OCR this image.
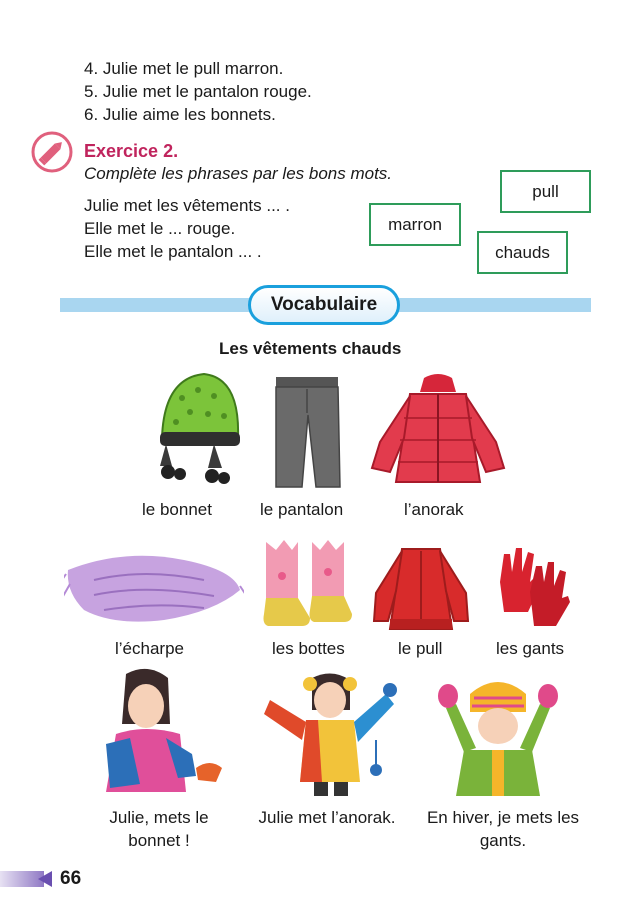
4. Julie met le pull marron.
5. Julie met le pantalon rouge.
6. Julie aime les bonnets.
Exercice 2.
Complète les phrases par les bons mots.
Julie met les vêtements ... .
Elle met le ... rouge.
Elle met le pantalon ... .
pull
marron
chauds
Vocabulaire
Les vêtements chauds
le bonnet	le pantalon	l’anorak
l’écharpe	les bottes	le pull	les gants
Julie, mets le bonnet !
Julie met l’anorak.	En hiver, je mets les gants.
66
